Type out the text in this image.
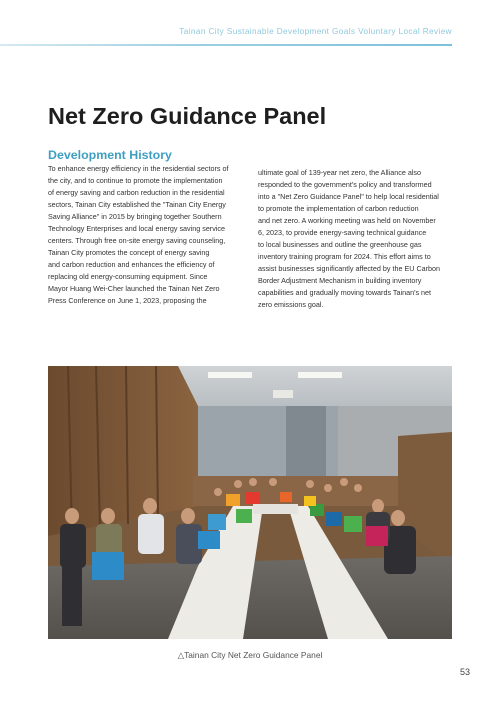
Tainan City Sustainable Development Goals Voluntary Local Review
Net Zero Guidance Panel
Development History
To enhance energy efficiency in the residential sectors of
the city, and to continue to promote the implementation
of energy saving and carbon reduction in the residential
sectors, Tainan City established the "Tainan City Energy
Saving Alliance" in 2015 by bringing together Southern
Technology Enterprises and local energy saving service
centers. Through free on-site energy saving counseling,
Tainan City promotes the concept of energy saving
and carbon reduction and enhances the efficiency of
replacing old energy-consuming equipment. Since
Mayor Huang Wei-Cher launched the Tainan Net Zero
Press Conference on June 1, 2023, proposing the
ultimate goal of 139-year net zero, the Alliance also
responded to the government's policy and transformed
into a "Net Zero Guidance Panel" to help local residential
to promote the implementation of carbon reduction
and net zero. A working meeting was held on November
6, 2023, to provide energy-saving technical guidance
to local businesses and outline the greenhouse gas
inventory training program for 2024. This effort aims to
assist businesses significantly affected by the EU Carbon
Border Adjustment Mechanism in building inventory
capabilities and gradually moving towards Tainan's net
zero emissions goal.
△Tainan City Net Zero Guidance Panel
53
